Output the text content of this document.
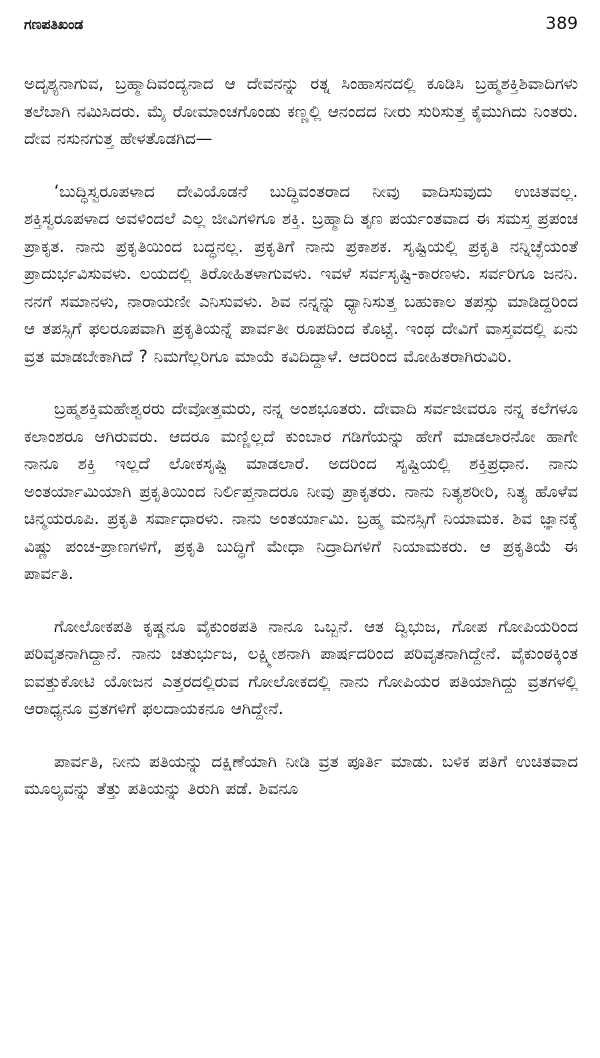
ಗಣಪತಿಖಂಡ	389

ಅದೃಶ್ಯನಾಗುವ, ಬ್ರಹ್ಮಾದಿವಂದ್ಯನಾದ ಆ ದೇವನನ್ನು ರತ್ನ ಸಿಂಹಾಸನದಲ್ಲಿ ಕೂಡಿಸಿ ಬ್ರಹ್ಮಶಕ್ತಿಶಿವಾದಿಗಳು ತಲೆಬಾಗಿ ನಮಿಸಿದರು. ಮೈ ರೋಮಾಂಚಗೊಂಡು ಕಣ್ಣಲ್ಲಿ ಆನಂದದ ನೀರು ಸುರಿಸುತ್ತ ಕೈಮುಗಿದು ನಿಂತರು. ದೇವ ನಸುನಗುತ್ತ ಹೇಳತೊಡಗಿದ—

‘ಬುದ್ಧಿಸ್ವರೂಪಳಾದ ದೇವಿಯೊಡನೆ ಬುದ್ಧಿವಂತರಾದ ನೀವು ವಾದಿಸುವುದು ಉಚಿತವಲ್ಲ. ಶಕ್ತಿಸ್ವರೂಪಳಾದ ಅವಳಿಂದಲೆ ಎಲ್ಲ ಜೀವಿಗಳಿಗೂ ಶಕ್ತಿ. ಬ್ರಹ್ಮಾದಿ ತೃಣ ಪರ್ಯಂತವಾದ ಈ ಸಮಸ್ತ ಪ್ರಪಂಚ ಪ್ರಾಕೃತ. ನಾನು ಪ್ರಕೃತಿಯಿಂದ ಬದ್ಧನಲ್ಲ. ಪ್ರಕೃತಿಗೆ ನಾನು ಪ್ರಕಾಶಕ. ಸೃಷ್ಟಿಯಲ್ಲಿ ಪ್ರಕೃತಿ ನನ್ನಿಚ್ಛೆಯಂತೆ ಪ್ರಾದುರ್ಭವಿಸುವಳು. ಲಯದಲ್ಲಿ ತಿರೋಹಿತಳಾಗುವಳು. ಇವಳೆ ಸರ್ವಸೃಷ್ಟಿ-ಕಾರಣಳು. ಸರ್ವರಿಗೂ ಜನನಿ. ನನಗೆ ಸಮಾನಳು, ನಾರಾಯಣೀ ಎನಿಸುವಳು. ಶಿವ ನನ್ನನ್ನು ಧ್ಯಾನಿಸುತ್ತ ಬಹುಕಾಲ ತಪಸ್ಸು ಮಾಡಿದ್ದರಿಂದ ಆ ತಪಸ್ಸಿಗೆ ಫಲರೂಪವಾಗಿ ಪ್ರಕೃತಿಯನ್ನೆ ಪಾರ್ವತೀ ರೂಪದಿಂದ ಕೊಟ್ಟೆ. ಇಂಥ ದೇವಿಗೆ ವಾಸ್ತವದಲ್ಲಿ ಏನು ವ್ರತ ಮಾಡಬೇಕಾಗಿದೆ ? ನಿಮಗೆಲ್ಲರಿಗೂ ಮಾಯೆ ಕವಿದಿದ್ದಾಳೆ. ಆದರಿಂದ ಮೋಹಿತರಾಗಿರುವಿರಿ.

ಬ್ರಹ್ಮಶಕ್ತಿಮಹೇಶ್ವರರು ದೇವೋತ್ತಮರು, ನನ್ನ ಅಂಶಭೂತರು. ದೇವಾದಿ ಸರ್ವಜೀವರೂ ನನ್ನ ಕಲೆಗಳೂ ಕಲಾಂಶರೂ ಆಗಿರುವರು. ಆದರೂ ಮಣ್ಣಿಲ್ಲದೆ ಕುಂಬಾರ ಗಡಿಗೆಯನ್ನು ಹೇಗೆ ಮಾಡಲಾರನೋ ಹಾಗೇ ನಾನೂ ಶಕ್ತಿ ಇಲ್ಲದೆ ಲೋಕಸೃಷ್ಟಿ ಮಾಡಲಾರೆ. ಅದರಿಂದ ಸೃಷ್ಟಿಯಲ್ಲಿ ಶಕ್ತಿಪ್ರಧಾನ. ನಾನು ಅಂತರ್ಯಾಮಿಯಾಗಿ ಪ್ರಕೃತಿಯಿಂದ ನಿರ್ಲಿಪ್ತನಾದರೂ ನೀವು ಪ್ರಾಕೃತರು. ನಾನು ನಿತ್ಯಶರೀರಿ, ನಿತ್ಯ ಹೊಳೆವ ಚಿನ್ಮಯರೂಪಿ. ಪ್ರಕೃತಿ ಸರ್ವಾಧಾರಳು. ನಾನು ಅಂತರ್ಯಾಮಿ. ಬ್ರಹ್ಮ ಮನಸ್ಸಿಗೆ ನಿಯಾಮಕ. ಶಿವ ಜ್ಞಾನಕ್ಕೆ ವಿಷ್ಣು ಪಂಚ-ಪ್ರಾಣಗಳಿಗೆ, ಪ್ರಕೃತಿ ಬುದ್ಧಿಗೆ ಮೇಧಾ ನಿದ್ರಾದಿಗಳಿಗೆ ನಿಯಾಮಕರು. ಆ ಪ್ರಕೃತಿಯೆ ಈ ಪಾರ್ವತಿ.

ಗೋಲೋಕಪತಿ ಕೃಷ್ಣನೂ ವೈಕುಂಠಪತಿ ನಾನೂ ಒಬ್ಬನೆ. ಆತ ದ್ವಿಭುಜ, ಗೋಪ ಗೋಪಿಯರಿಂದ ಪರಿವೃತನಾಗಿದ್ದಾನೆ. ನಾನು ಚತುರ್ಭುಜ, ಲಕ್ಷ್ಮೀಶನಾಗಿ ಪಾರ್ಷದರಿಂದ ಪರಿವೃತನಾಗಿದ್ದೇನೆ. ವೈಕುಂಠಕ್ಕಿಂತ ಐವತ್ತುಕೋಟಿ ಯೋಜನ ಎತ್ತರದಲ್ಲಿರುವ ಗೋಲೋಕದಲ್ಲಿ ನಾನು ಗೋಪಿಯರ ಪತಿಯಾಗಿದ್ದು ವ್ರತಗಳಲ್ಲಿ ಆರಾಧ್ಯನೂ ವ್ರತಗಳಿಗೆ ಫಲದಾಯಕನೂ ಆಗಿದ್ದೇನೆ.

ಪಾರ್ವತಿ, ನೀನು ಪತಿಯನ್ನು ದಕ್ಷಿಣೆಯಾಗಿ ನೀಡಿ ವ್ರತ ಪೂರ್ತಿ ಮಾಡು. ಬಳಿಕ ಪತಿಗೆ ಉಚಿತವಾದ ಮೂಲ್ಯವನ್ನು ತೆತ್ತು ಪತಿಯನ್ನು ತಿರುಗಿ ಪಡೆ. ಶಿವನೂ
